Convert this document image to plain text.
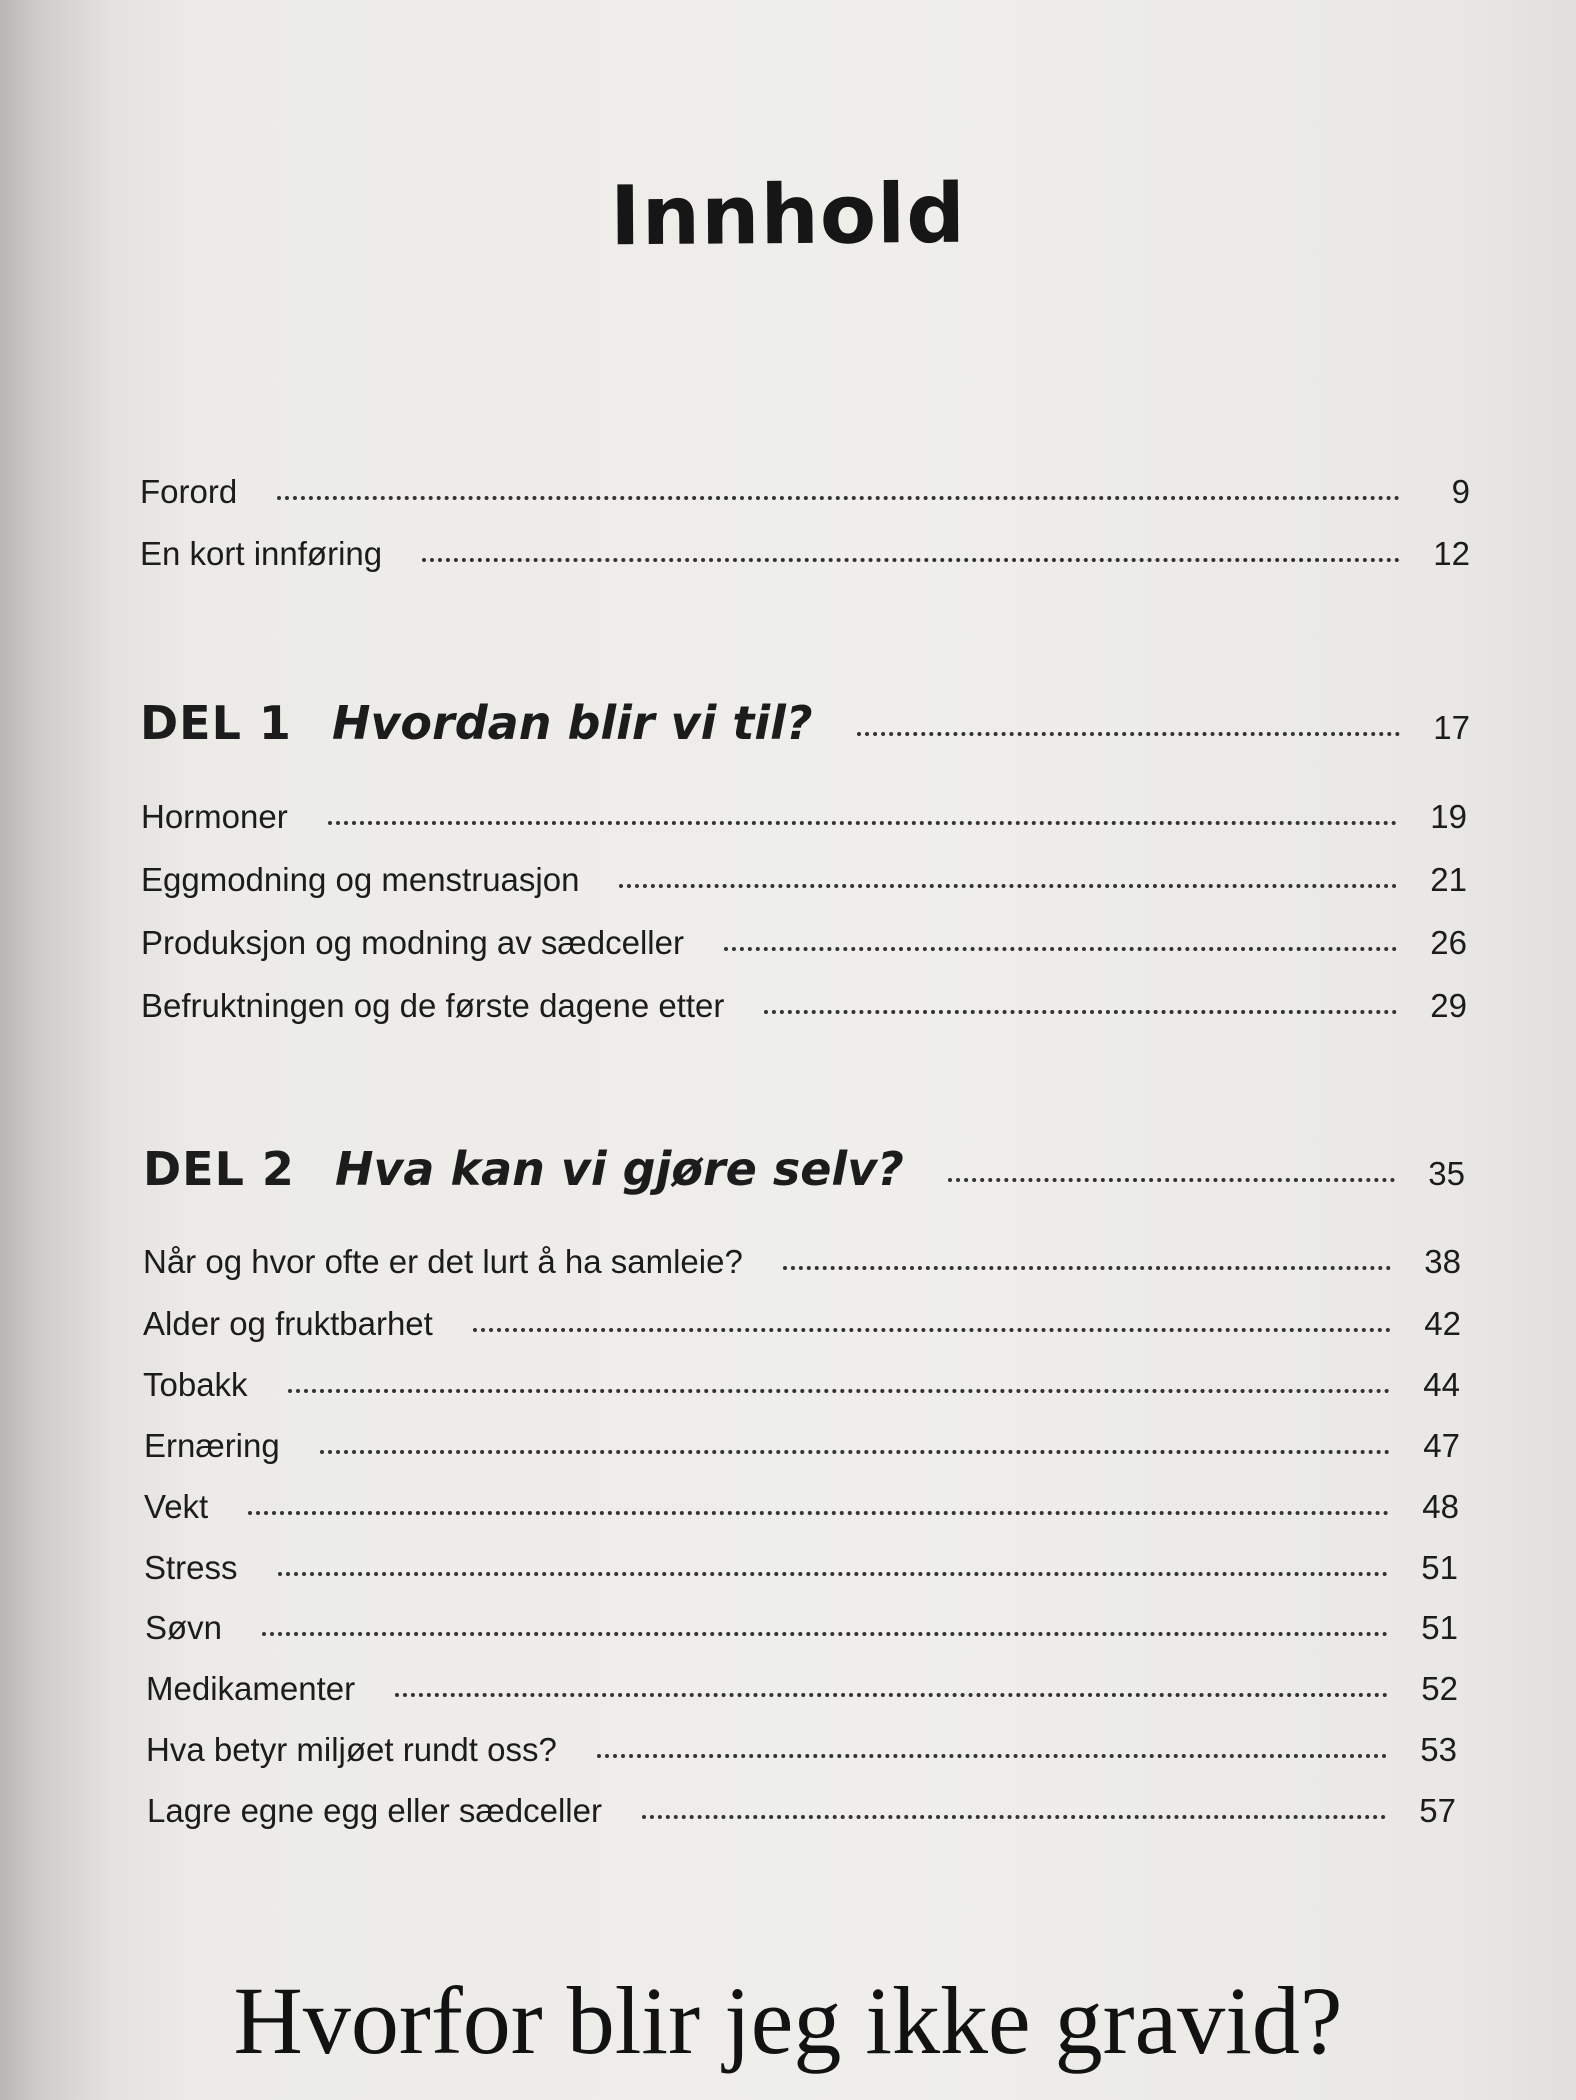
Innhold
Forord	9
En kort innføring	12
DEL 1 Hvordan blir vi til?	17
Hormoner	19
Eggmodning og menstruasjon	21
Produksjon og modning av sædceller	26
Befruktningen og de første dagene etter	29
DEL 2 Hva kan vi gjøre selv?	35
Når og hvor ofte er det lurt å ha samleie?	38
Alder og fruktbarhet	42
Tobakk	44
Ernæring	47
Vekt	48
Stress	51
Søvn	51
Medikamenter	52
Hva betyr miljøet rundt oss?	53
Lagre egne egg eller sædceller	57
Hvorfor blir jeg ikke gravid?
